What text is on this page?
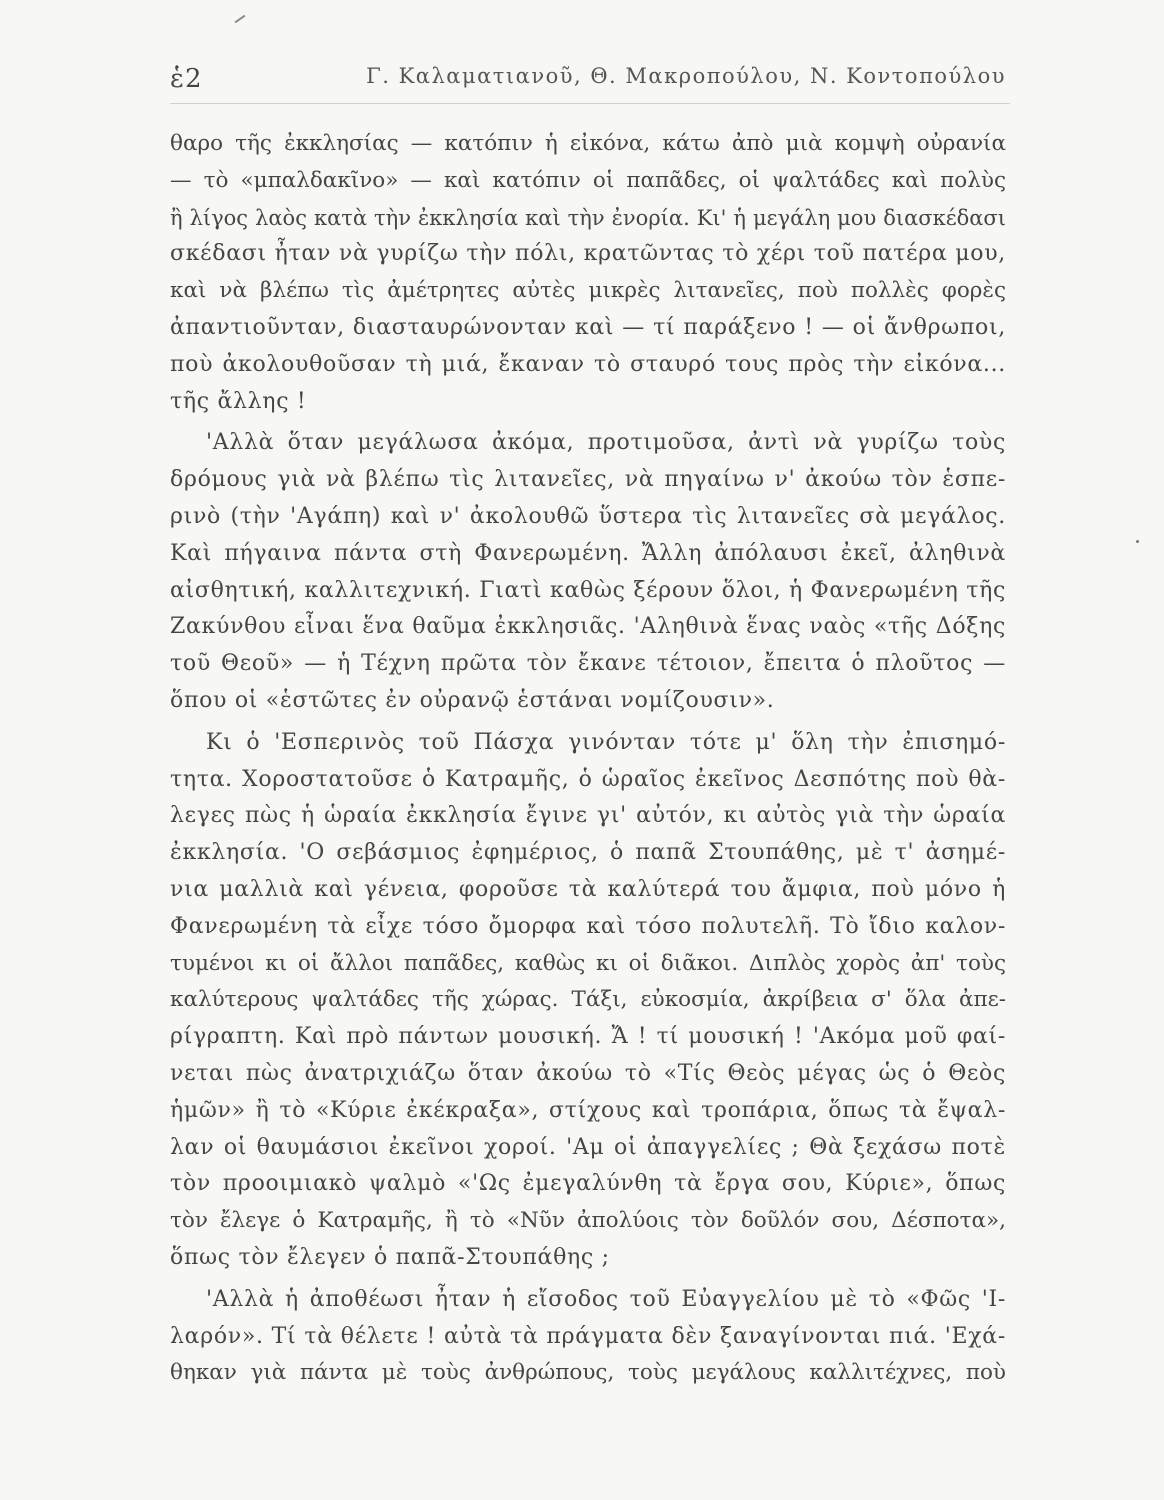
ἑ2	Γ. Καλαματιανοῦ, Θ. Μακροπούλου, Ν. Κοντοπούλου
θαρο τῆς ἐκκλησίας — κατόπιν ἡ εἰκόνα, κάτω ἀπὸ μιὰ κομψὴ οὐρανία
— τὸ «μπαλδακῖνο» — καὶ κατόπιν οἱ παπᾶδες, οἱ ψαλτάδες καὶ πολὺς
ἢ λίγος λαὸς κατὰ τὴν ἐκκλησία καὶ τὴν ἐνορία. Κι' ἡ μεγάλη μου διασκέδασι
σκέδασι ἦταν νὰ γυρίζω τὴν πόλι, κρατῶντας τὸ χέρι τοῦ πατέρα μου,
καὶ νὰ βλέπω τὶς ἀμέτρητες αὐτὲς μικρὲς λιτανεῖες, ποὺ πολλὲς φορὲς
ἀπαντιοῦνταν, διασταυρώνονταν καὶ — τί παράξενο ! — οἱ ἄνθρωποι,
ποὺ ἀκολουθοῦσαν τὴ μιά, ἔκαναν τὸ σταυρό τους πρὸς τὴν εἰκόνα...
τῆς ἄλλης !
'Αλλὰ ὅταν μεγάλωσα ἀκόμα, προτιμοῦσα, ἀντὶ νὰ γυρίζω τοὺς
δρόμους γιὰ νὰ βλέπω τὶς λιτανεῖες, νὰ πηγαίνω ν' ἀκούω τὸν ἑσπε-
ρινὸ (τὴν 'Αγάπη) καὶ ν' ἀκολουθῶ ὕστερα τὶς λιτανεῖες σὰ μεγάλος.
Καὶ πήγαινα πάντα στὴ Φανερωμένη. Ἄλλη ἀπόλαυσι ἐκεῖ, ἀληθινὰ
αἰσθητική, καλλιτεχνική. Γιατὶ καθὼς ξέρουν ὅλοι, ἡ Φανερωμένη τῆς
Ζακύνθου εἶναι ἕνα θαῦμα ἐκκλησιᾶς. 'Αληθινὰ ἕνας ναὸς «τῆς Δόξης
τοῦ Θεοῦ» — ἡ Τέχνη πρῶτα τὸν ἔκανε τέτοιον, ἔπειτα ὁ πλοῦτος —
ὅπου οἱ «ἑστῶτες ἐν οὐρανῷ ἑστάναι νομίζουσιν».
Κι ὁ 'Εσπερινὸς τοῦ Πάσχα γινόνταν τότε μ' ὅλη τὴν ἐπισημό-
τητα. Χοροστατοῦσε ὁ Κατραμῆς, ὁ ὡραῖος ἐκεῖνος Δεσπότης ποὺ θὰ-
λεγες πὼς ἡ ὡραία ἐκκλησία ἔγινε γι' αὐτόν, κι αὐτὸς γιὰ τὴν ὡραία
ἐκκλησία. 'Ο σεβάσμιος ἐφημέριος, ὁ παπᾶ Στουπάθης, μὲ τ' ἀσημέ-
νια μαλλιὰ καὶ γένεια, φοροῦσε τὰ καλύτερά του ἄμφια, ποὺ μόνο ἡ
Φανερωμένη τὰ εἶχε τόσο ὄμορφα καὶ τόσο πολυτελῆ. Τὸ ἴδιο καλον-
τυμένοι κι οἱ ἄλλοι παπᾶδες, καθὼς κι οἱ διᾶκοι. Διπλὸς χορὸς ἀπ' τοὺς
καλύτερους ψαλτάδες τῆς χώρας. Τάξι, εὐκοσμία, ἀκρίβεια σ' ὅλα ἀπε-
ρίγραπτη. Καὶ πρὸ πάντων μουσική. Ἄ ! τί μουσική ! 'Ακόμα μοῦ φαί-
νεται πὼς ἀνατριχιάζω ὅταν ἀκούω τὸ «Τίς Θεὸς μέγας ὡς ὁ Θεὸς
ἡμῶν» ἢ τὸ «Κύριε ἐκέκραξα», στίχους καὶ τροπάρια, ὅπως τὰ ἔψαλ-
λαν οἱ θαυμάσιοι ἐκεῖνοι χοροί. 'Αμ οἱ ἀπαγγελίες ; Θὰ ξεχάσω ποτὲ
τὸν προοιμιακὸ ψαλμὸ «'Ως ἐμεγαλύνθη τὰ ἔργα σου, Κύριε», ὅπως
τὸν ἔλεγε ὁ Κατραμῆς, ἢ τὸ «Νῦν ἀπολύοις τὸν δοῦλόν σου, Δέσποτα»,
ὅπως τὸν ἔλεγεν ὁ παπᾶ-Στουπάθης ;
'Αλλὰ ἡ ἀποθέωσι ἦταν ἡ εἴσοδος τοῦ Εὐαγγελίου μὲ τὸ «Φῶς 'Ι-
λαρόν». Τί τὰ θέλετε ! αὐτὰ τὰ πράγματα δὲν ξαναγίνονται πιά. 'Εχά-
θηκαν γιὰ πάντα μὲ τοὺς ἀνθρώπους, τοὺς μεγάλους καλλιτέχνες, ποὺ
